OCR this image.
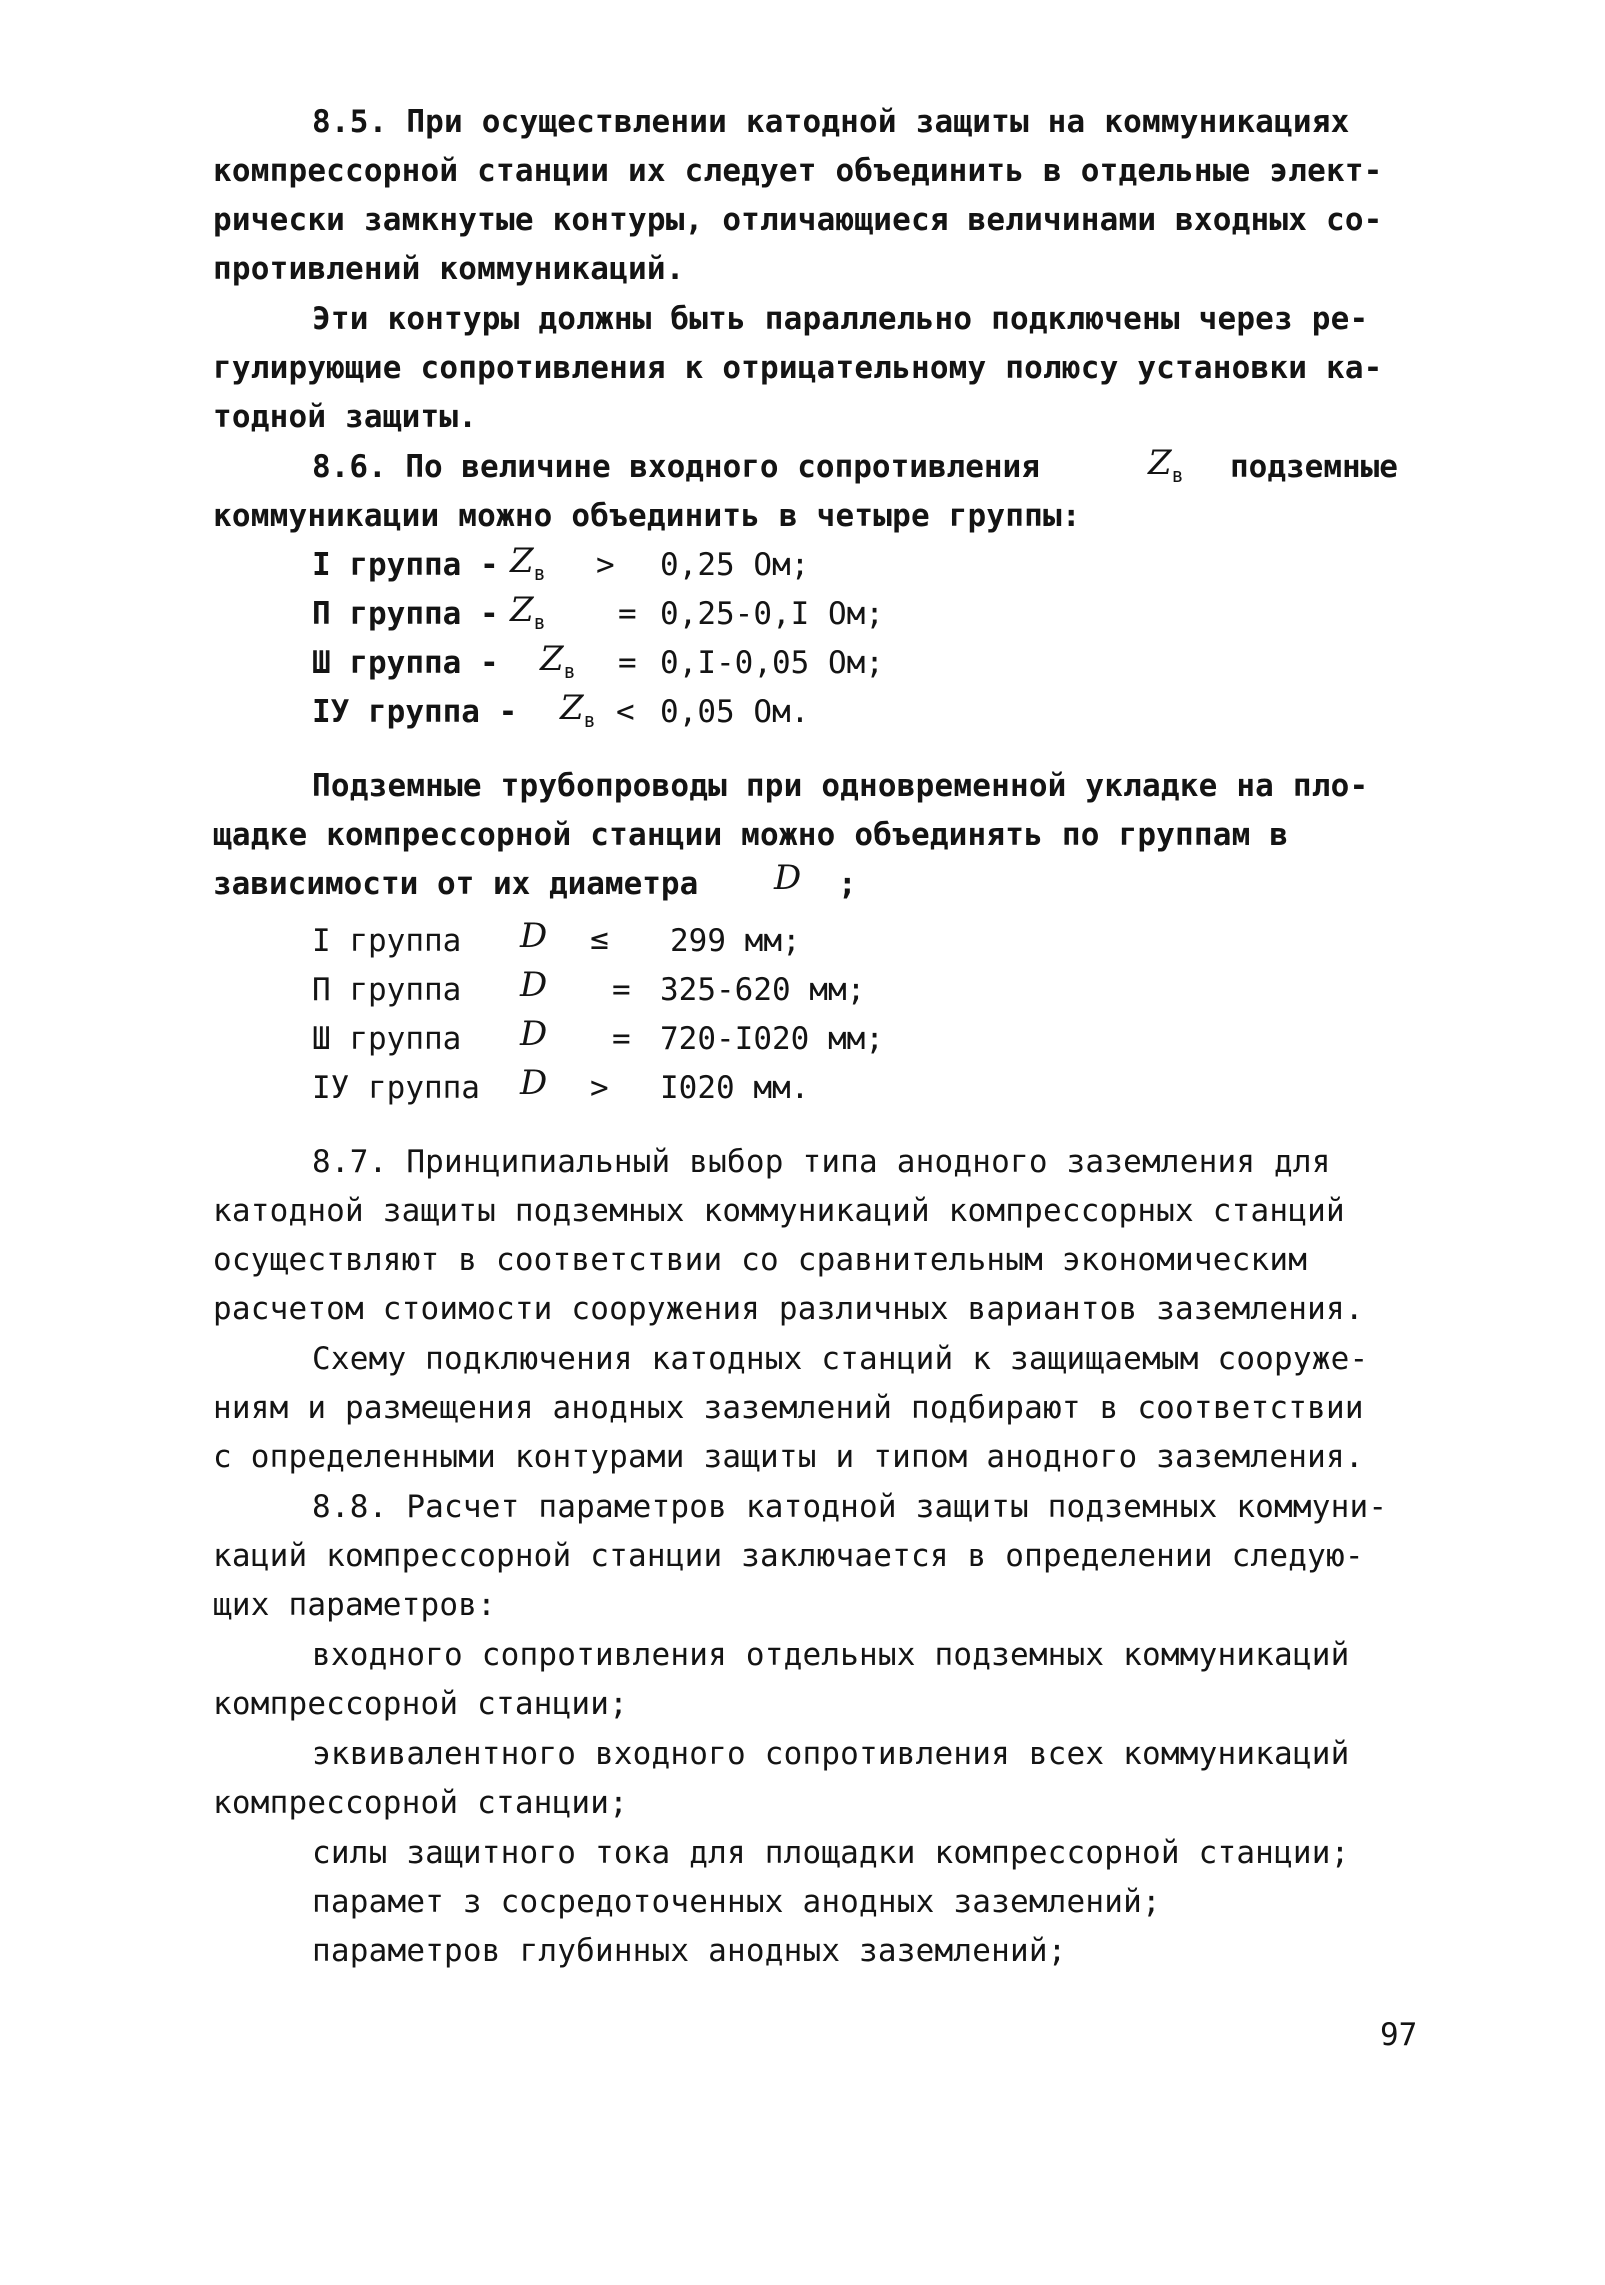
8.5. При осуществлении катодной защиты на коммуникациях
компрессорной станции их следует объединить в отдельные элект-
рически замкнутые контуры, отличающиеся величинами входных со-
противлений коммуникаций.
Эти контуры должны быть параллельно подключены через ре-
гулирующие сопротивления к отрицательному полюсу установки ка-
тодной защиты.
8.6. По величине входного сопротивления	$Z_в$ подземные
коммуникации можно объединить в четыре группы:
I группа - $Z_в > 0,25$ Ом;
П группа - $Z_в = 0,25-0,I$ Ом;
Ш группа - $Z_в = 0,I-0,05$ Ом;
IУ группа - $Z_в < 0,05$ Ом.
Подземные трубопроводы при одновременной укладке на пло-
щадке компрессорной станции можно объединять по группам в
зависимости от их диаметра D ;
I группа D ≤ 299 мм;
П группа D = 325-620 мм;
Ш группа D = 720-I020 мм;
IУ группа D > I020 мм.
8.7. Принципиальный выбор типа анодного заземления для
катодной защиты подземных коммуникаций компрессорных станций
осуществляют в соответствии со сравнительным экономическим
расчетом стоимости сооружения различных вариантов заземления.
Схему подключения катодных станций к защищаемым сооруже-
ниям и размещения анодных заземлений подбирают в соответствии
с определенными контурами защиты и типом анодного заземления.
8.8. Расчет параметров катодной защиты подземных коммуни-
каций компрессорной станции заключается в определении следую-
щих параметров:
входного сопротивления отдельных подземных коммуникаций
компрессорной станции;
эквивалентного входного сопротивления всех коммуникаций
компрессорной станции;
силы защитного тока для площадки компрессорной станции;
парамет з сосредоточенных анодных заземлений;
параметров глубинных анодных заземлений;
97
